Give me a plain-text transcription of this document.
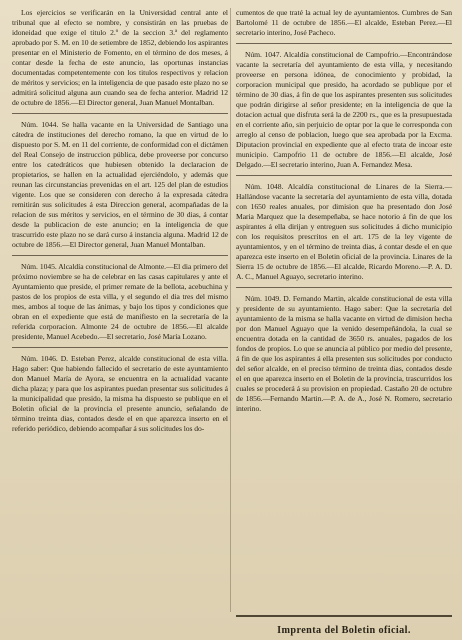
Los ejercicios se verificarán en la Universidad central ante el tribunal que al efecto se nombre, y consistirán en las pruebas de idoneidad que exige el titulo 2.º de la seccion 3.ª del reglamento aprobado por S. M. en 10 de setiembre de 1852, debiendo los aspirantes presentar en el Ministerio de Fomento, en el término de dos meses, á contar desde la fecha de este anuncio, las oportunas instancias documentadas competentemente con los titulos respectivos y relacion de méritos y servicios; en la inteligencia de que pasado este plazo no se admitirá solicitud alguna aun cuando sea de fecha anterior. Madrid 12 de octubre de 1856.—El Director general, Juan Manuel Montalban.

Núm. 1044. Se halla vacante en la Universidad de Santiago una cátedra de instituciones del derecho romano, la que en virtud de lo dispuesto por S. M. en 11 del corriente, de conformidad con el dictámen del Real Consejo de instruccion pública, debe proveerse por concurso entre los catedráticos que hubiesen obtenido la declaracion de propietarios, se hallen en la actualidad ejerciéndolo, y además que reunan las circunstancias prevenidas en el art. 125 del plan de estudios vigente. Los que se consideren con derecho á la expresada cátedra remitirán sus solicitudes á esta Direccion general, acompañadas de la relacion de sus méritos y servicios, en el término de 30 dias, á contar desde la publicacion de este anuncio; en la inteligencia de que trascurrido este plazo no se dará curso á instancia alguna. Madrid 12 de octubre de 1856.—El Director general, Juan Manuel Montalban.

Núm. 1045. Alcaldía constitucional de Almonte.—El dia primero del próximo noviembre se ha de celebrar en las casas capitulares y ante el Ayuntamiento que preside, el primer remate de la bellota, acebuchina y pastos de los propios de esta villa, y el segundo el dia tres del mismo mes, ambos al toque de las ánimas, y bajo los tipos y condiciones que obran en el expediente que está de manifiesto en la secretaría de la referida corporacion. Almonte 24 de octubre de 1856.—El alcalde presidente, Manuel Acebedo.—El secretario, José María Lozano.

Núm. 1046. D. Esteban Perez, alcalde constitucional de esta villa. Hago saber: Que habiendo fallecido el secretario de este ayuntamiento don Manuel María de Ayora, se encuentra en la actualidad vacante dicha plaza; y para que los aspirantes puedan presentar sus solicitudes á la municipalidad que presido, la misma ha dispuesto se publique en el Boletin oficial de la provincia el presente anuncio, señalando de término treinta dias, contados desde el en que aparezca inserto en el referido periódico, debiendo acompañar á sus solicitudes los do-

cumentos de que traté la actual ley de ayuntamientos. Cumbres de San Bartolomé 11 de octubre de 1856.—El alcalde, Esteban Perez.—El secretario interino, José Pacheco.

Núm. 1047. Alcaldía constitucional de Campofrio.—Encontrándose vacante la secretaría del ayuntamiento de esta villa, y necesitando proveerse en persona idónea, de conocimiento y probidad, la corporacion municipal que presido, ha acordado se publique por el término de 30 dias, á fin de que los aspirantes presenten sus solicitudes que podrán dirigirse al señor presidente; en la inteligencia de que la dotacion actual que disfruta será la de 2200 rs., que es la presupuestada en el corriente año, sin perjuicio de optar por la que le corresponda con arreglo al censo de poblacion, luego que sea aprobada por la Excma. Diputacion provincial en expediente que al efecto trata de incoar este municipio. Campofrio 11 de octubre de 1856.—El alcalde, José Delgado.—El secretario interino, Juan A. Fernandez Mesa.

Núm. 1048. Alcaldía constitucional de Linares de la Sierra.—Hallándose vacante la secretaría del ayuntamiento de esta villa, dotada con 1650 reales anuales, por dimision que ha presentado don José Maria Marquez que la desempeñaba, se hace notorio á fin de que los aspirantes á ella dirijan y entreguen sus solicitudes á dicho municipio con los requisitos prescritos en el art. 175 de la ley vigente de ayuntamientos, y en el término de treinta dias, á contar desde el en que aparezca este inserto en el Boletin oficial de la provincia. Linares de la Sierra 15 de octubre de 1856.—El alcalde, Ricardo Moreno.—P. A. D. A. C., Manuel Aguayo, secretario interino.

Núm. 1049. D. Fernando Martin, alcalde constitucional de esta villa y presidente de su ayuntamiento. Hago saber: Que la secretaría del ayuntamiento de la misma se halla vacante en virtud de dimision hecha por don Manuel Aguayo que la venido desempeñándola, la cual se encuentra dotada en la cantidad de 3650 rs. anuales, pagados de los fondos de propios. Lo que se anuncia al público por medio del presente, á fin de que los aspirantes á ella presenten sus solicitudes por conducto del señor alcalde, en el preciso término de treinta dias, contados desde el en que aparezca inserto en el Boletin de la provincia, trascurridos los cuales se procederá á su provision en propiedad. Castaño 20 de octubre de 1856.—Fernando Martin.—P. A. de A., José N. Romero, secretario interino.

Imprenta del Boletin oficial.
